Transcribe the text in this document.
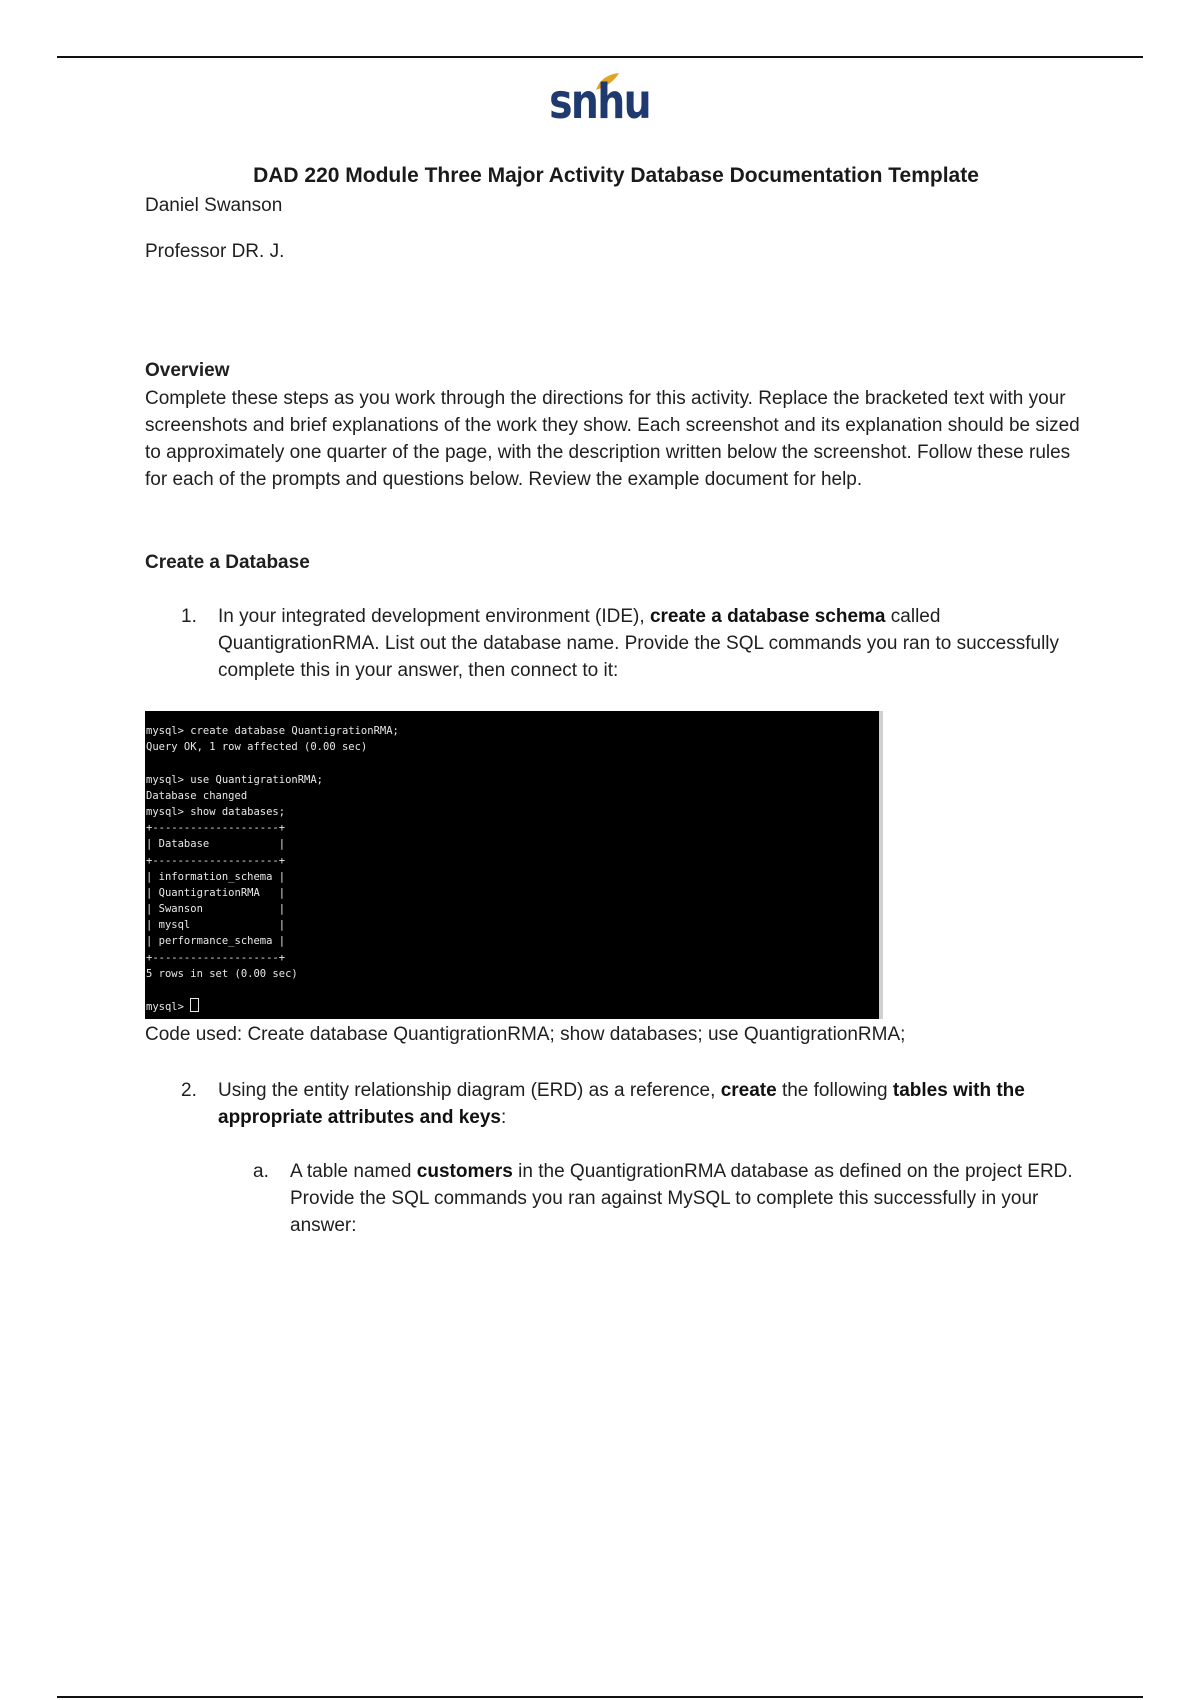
snhu
DAD 220 Module Three Major Activity Database Documentation Template
Daniel Swanson
Professor DR. J.
Overview
Complete these steps as you work through the directions for this activity. Replace the bracketed text with your screenshots and brief explanations of the work they show. Each screenshot and its explanation should be sized to approximately one quarter of the page, with the description written below the screenshot. Follow these rules for each of the prompts and questions below. Review the example document for help.
Create a Database
1. In your integrated development environment (IDE), create a database schema called QuantigrationRMA. List out the database name. Provide the SQL commands you ran to successfully complete this in your answer, then connect to it:
mysql> create database QuantigrationRMA;
Query OK, 1 row affected (0.00 sec)
mysql> use QuantigrationRMA;
Database changed
mysql> show databases;
+--------------------+
| Database           |
+--------------------+
| information_schema |
| QuantigrationRMA   |
| Swanson            |
| mysql              |
| performance_schema |
+--------------------+
5 rows in set (0.00 sec)
mysql>
Code used: Create database QuantigrationRMA; show databases; use QuantigrationRMA;
2. Using the entity relationship diagram (ERD) as a reference, create the following tables with the appropriate attributes and keys:
a. A table named customers in the QuantigrationRMA database as defined on the project ERD. Provide the SQL commands you ran against MySQL to complete this successfully in your answer:
